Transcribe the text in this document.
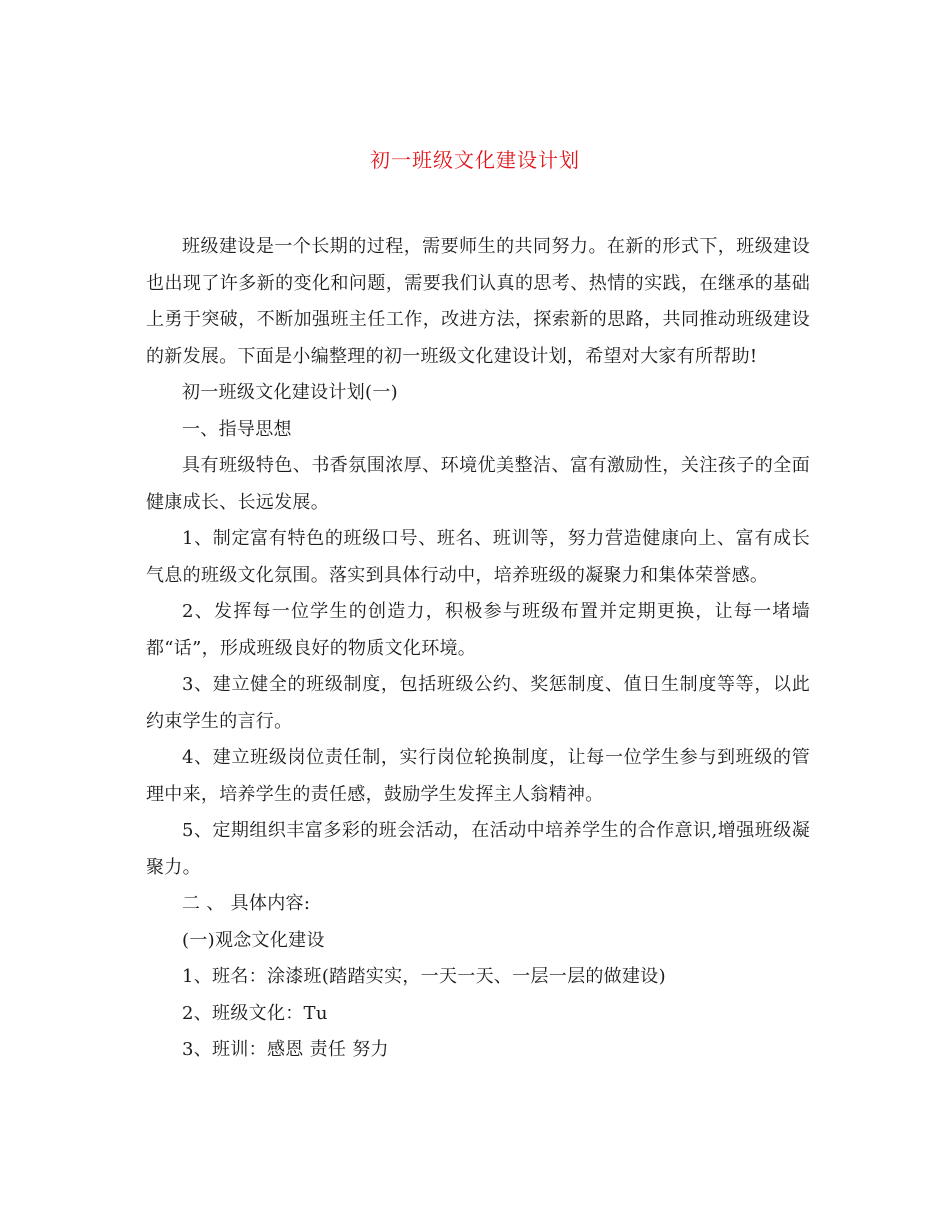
初一班级文化建设计划

班级建设是一个长期的过程，需要师生的共同努力。在新的形式下，班级建设也出现了许多新的变化和问题，需要我们认真的思考、热情的实践，在继承的基础上勇于突破，不断加强班主任工作，改进方法，探索新的思路，共同推动班级建设的新发展。下面是小编整理的初一班级文化建设计划，希望对大家有所帮助!

初一班级文化建设计划(一)

一、指导思想

具有班级特色、书香氛围浓厚、环境优美整洁、富有激励性，关注孩子的全面健康成长、长远发展。

1、制定富有特色的班级口号、班名、班训等，努力营造健康向上、富有成长气息的班级文化氛围。落实到具体行动中，培养班级的凝聚力和集体荣誉感。

2、发挥每一位学生的创造力，积极参与班级布置并定期更换，让每一堵墙都“话”，形成班级良好的物质文化环境。

3、建立健全的班级制度，包括班级公约、奖惩制度、值日生制度等等，以此约束学生的言行。

4、建立班级岗位责任制，实行岗位轮换制度，让每一位学生参与到班级的管理中来，培养学生的责任感，鼓励学生发挥主人翁精神。

5、定期组织丰富多彩的班会活动，在活动中培养学生的合作意识,增强班级凝聚力。

二 、 具体内容:

(一)观念文化建设

1、班名：涂漆班(踏踏实实，一天一天、一层一层的做建设)

2、班级文化：Tu

3、班训：感恩 责任 努力
